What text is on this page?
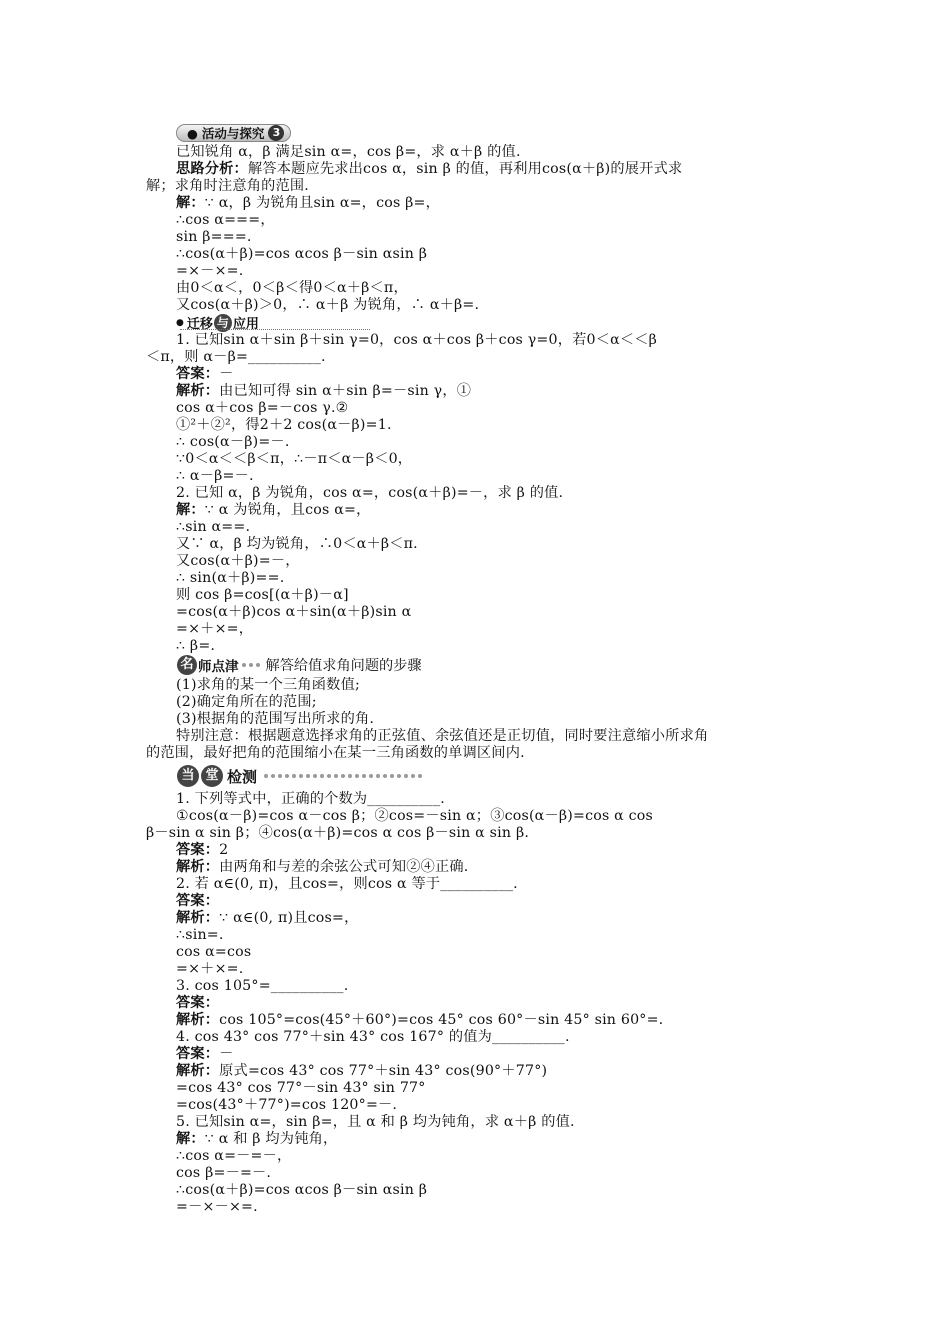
● 活动与探究 3
● 迁移 与 应用
名 师点津 解答给值求角问题的步骤
当 堂 检测
已知锐角 α，β 满足sin α=，cos β=，求 α＋β 的值.
思路分析：解答本题应先求出cos α，sin β 的值，再利用cos(α＋β)的展开式求
解；求角时注意角的范围.
解：∵ α，β 为锐角且sin α=，cos β=，
∴cos α===，
sin β===.
∴cos(α＋β)=cos αcos β－sin αsin β
=×－×=.
由0＜α＜，0＜β＜得0＜α＋β＜π，
又cos(α＋β)＞0，∴ α＋β 为锐角，∴ α＋β=.
1. 已知sin α＋sin β＋sin γ=0，cos α＋cos β＋cos γ=0，若0＜α＜＜β
＜π，则 α－β=__________.
答案：－
解析：由已知可得 sin α＋sin β=－sin γ，①
cos α＋cos β=－cos γ.②
①²＋②²，得2＋2 cos(α－β)=1.
∴ cos(α－β)=－.
∵0＜α＜＜β＜π，∴－π＜α－β＜0，
∴ α－β=－.
2. 已知 α，β 为锐角，cos α=，cos(α＋β)=－，求 β 的值.
解：∵ α 为锐角，且cos α=，
∴sin α==.
又∵ α，β 均为锐角，∴0＜α＋β＜π.
又cos(α＋β)=－，
∴ sin(α＋β)==.
则 cos β=cos[(α＋β)－α]
=cos(α＋β)cos α＋sin(α＋β)sin α
=×＋×=，
∴ β=.
(1)求角的某一个三角函数值;
(2)确定角所在的范围;
(3)根据角的范围写出所求的角.
特别注意：根据题意选择求角的正弦值、余弦值还是正切值，同时要注意缩小所求角
的范围，最好把角的范围缩小在某一三角函数的单调区间内.
1. 下列等式中，正确的个数为__________.
①cos(α－β)=cos α－cos β；②cos=－sin α；③cos(α－β)=cos α cos
β－sin α sin β；④cos(α＋β)=cos α cos β－sin α sin β.
答案：2
解析：由两角和与差的余弦公式可知②④正确.
2. 若 α∈(0, π)，且cos=，则cos α 等于__________.
答案：
解析：∵ α∈(0, π)且cos=，
∴sin=.
cos α=cos
=×＋×=.
3. cos 105°=__________.
答案：
解析：cos 105°=cos(45°＋60°)=cos 45° cos 60°－sin 45° sin 60°=.
4. cos 43° cos 77°＋sin 43° cos 167° 的值为__________.
答案：－
解析：原式=cos 43° cos 77°＋sin 43° cos(90°＋77°)
=cos 43° cos 77°－sin 43° sin 77°
=cos(43°＋77°)=cos 120°=－.
5. 已知sin α=，sin β=，且 α 和 β 均为钝角，求 α＋β 的值.
解：∵ α 和 β 均为钝角，
∴cos α=－=－，
cos β=－=－.
∴cos(α＋β)=cos αcos β－sin αsin β
=－×－×=.
